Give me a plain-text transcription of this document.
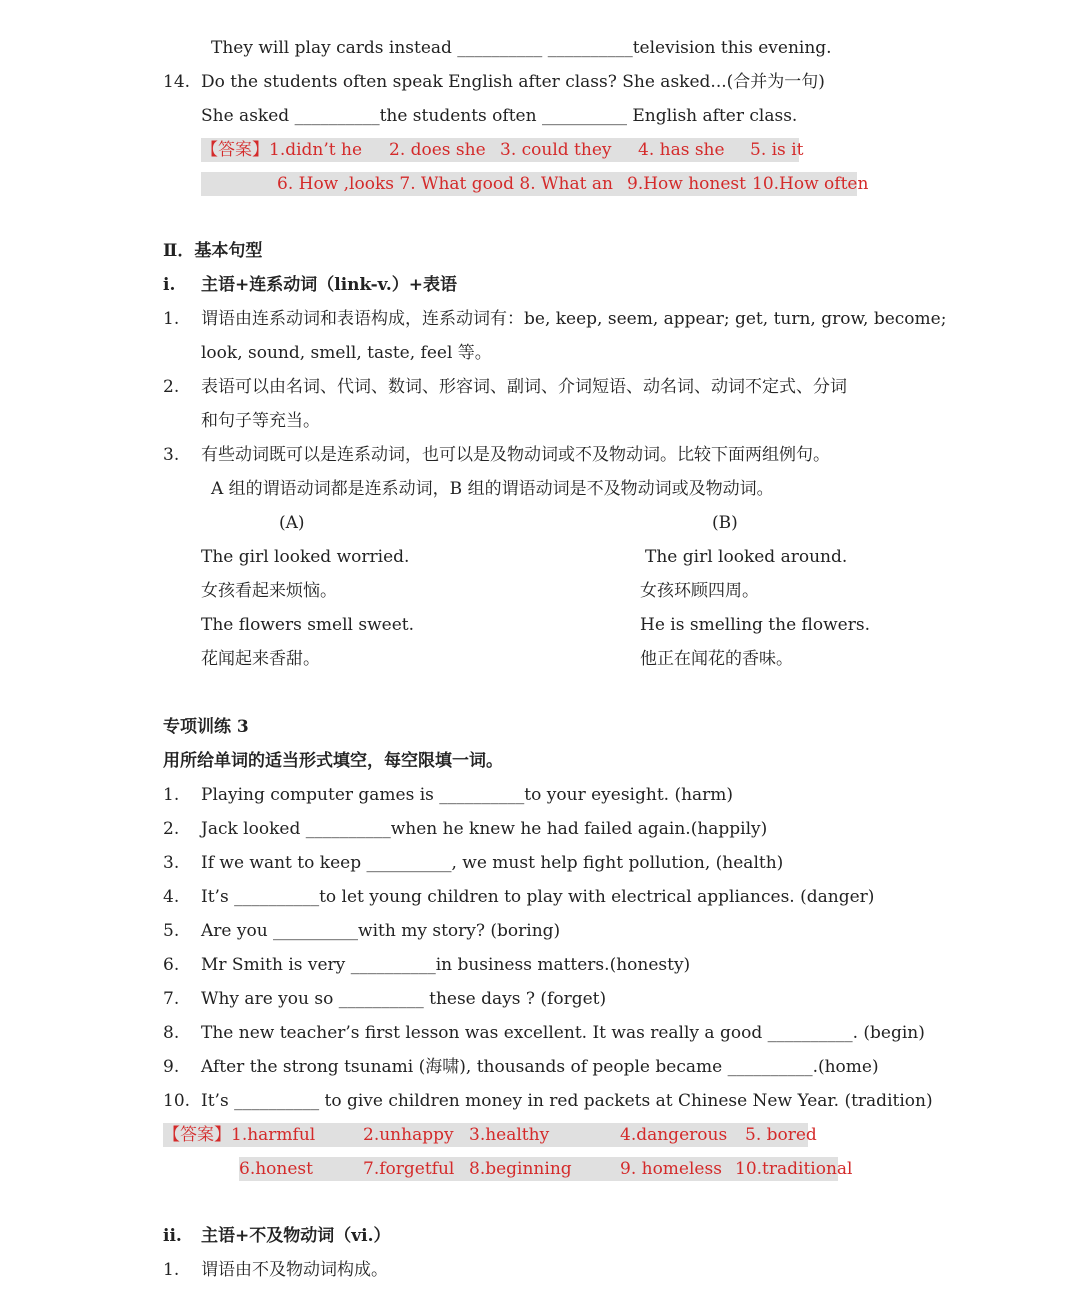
They will play cards instead __________ __________television this evening.
14. Do the students often speak English after class? She asked...(合并为一句)
She asked __________the students often __________ English after class.
【答案】1.didn’t he 2. does she 3. could they 4. has she 5. is it
6. How ,looks 7. What good 8. What an 9.How honest 10.How often
Ⅱ．基本句型
i. 主语+连系动词（link-v.）+表语
1. 谓语由连系动词和表语构成，连系动词有：be, keep, seem, appear; get, turn, grow, become;
look, sound, smell, taste, feel 等。
2. 表语可以由名词、代词、数词、形容词、副词、介词短语、动名词、动词不定式、分词
和句子等充当。
3. 有些动词既可以是连系动词，也可以是及物动词或不及物动词。比较下面两组例句。
A 组的谓语动词都是连系动词，B 组的谓语动词是不及物动词或及物动词。
(A)	(B)
The girl looked worried.	The girl looked around.
女孩看起来烦恼。	女孩环顾四周。
The flowers smell sweet.	He is smelling the flowers.
花闻起来香甜。	他正在闻花的香味。
专项训练 3
用所给单词的适当形式填空，每空限填一词。
1. Playing computer games is __________to your eyesight. (harm)
2. Jack looked __________when he knew he had failed again.(happily)
3. If we want to keep __________, we must help fight pollution, (health)
4. It’s __________to let young children to play with electrical appliances. (danger)
5. Are you __________with my story? (boring)
6. Mr Smith is very __________in business matters.(honesty)
7. Why are you so __________ these days ? (forget)
8. The new teacher’s first lesson was excellent. It was really a good __________. (begin)
9. After the strong tsunami (海啸), thousands of people became __________.(home)
10. It’s __________ to give children money in red packets at Chinese New Year. (tradition)
【答案】1.harmful	2.unhappy 3.healthy	4.dangerous 5. bored
6.honest	7.forgetful 8.beginning	9. homeless 10.traditional
ii. 主语+不及物动词（vi.）
1. 谓语由不及物动词构成。
